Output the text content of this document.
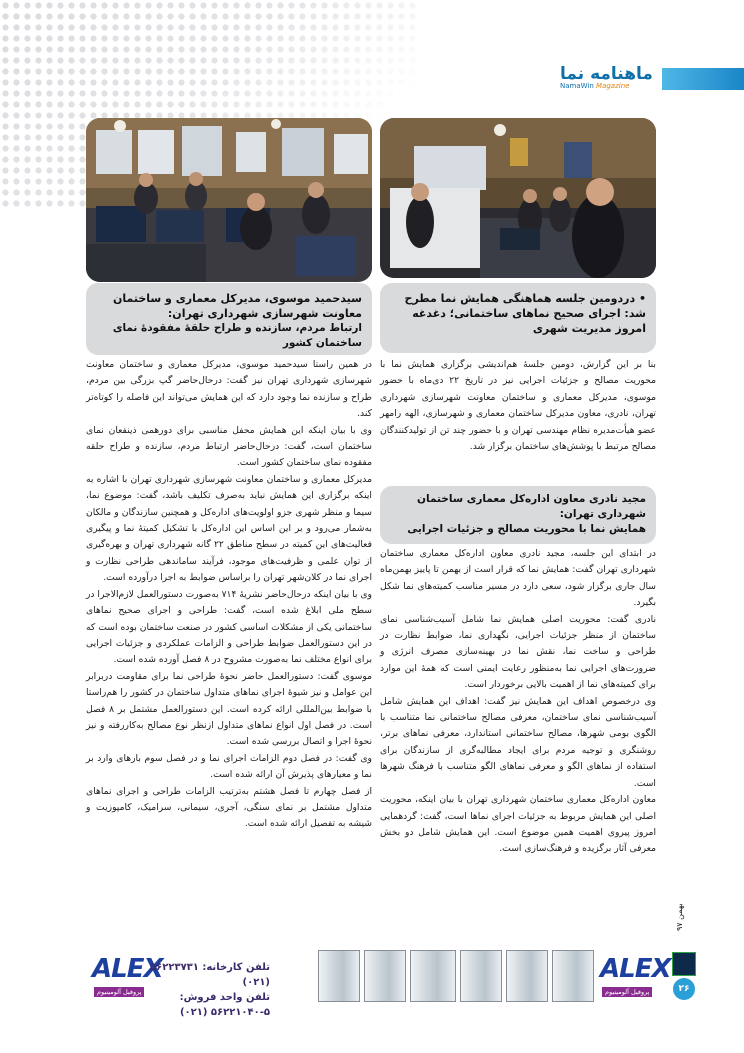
ماهنامه نما
NamaWin Magazine
سید‌حمید موسوی، مدیر‌کل معماری و ساختمان معاونت شهرسازی شهرداری تهران:
ارتباط مردم، سازنده و طراح حلقۀ مفقودۀ نمای ساختمان کشور
• در‌دومین جلسه هماهنگی همایش نما مطرح شد: اجرای صحیح نماهای ساختمانی؛ دغدغه امروز مدیریت شهری

در همین راستا سید‌حمید موسوی، مدیر‌کل معماری و ساختمان معاونت شهرسازی شهرداری تهران نیز گفت: در‌حال‌حاضر گپ بزرگی بین مردم، طراح و سازنده نما وجود دارد که این همایش می‌تواند این فاصله را کوتاه‌تر کند.

وی با بیان اینکه این همایش محفل مناسبی برای دورهمی ذینفعان نمای ساختمان است، گفت: در‌حال‌حاضر ارتباط مردم، سازنده و طراح حلقه مفقوده نمای ساختمان کشور است.

مدیر‌کل معماری و ساختمان معاونت شهرسازی شهرداری تهران با اشاره به اینکه برگزاری این همایش نباید به‌صرف تکلیف باشد، گفت: موضوع نما، سیما و منظر شهری جزو اولویت‌های اداره‌کل و همچنین سازندگان و مالکان به‌شمار می‌رود و بر این اساس این اداره‌کل با تشکیل کمیتۀ نما و پیگیری فعالیت‌های این کمیته در سطح مناطق ۲۲ گانه شهرداری تهران و بهره‌گیری از توان علمی و ظرفیت‌های موجود، فرآیند ساماندهی طراحی نظارت و اجرای نما در کلان‌شهر تهران را بر‌اساس ضوابط به اجرا درآورده است.

وی با بیان اینکه در‌حال‌حاضر نشریۀ ۷۱۴ به‌صورت دستورالعمل لازم‌الاجرا در سطح ملی ابلاغ شده است، گفت: طراحی و اجرای صحیح نماهای ساختمانی یکی از مشکلات اساسی کشور در صنعت ساختمان بوده است که در این دستورالعمل ضوابط طراحی و الزامات عملکردی و جزئیات اجرایی برای انواع مختلف نما به‌صورت مشروح در ۸ فصل آورده شده است.

موسوی گفت: دستورالعمل حاضر نحوۀ طراحی نما برای مقاومت در‌برابر این عوامل و نیز شیوۀ اجرای نماهای متداول ساختمان در کشور را هم‌راستا با ضوابط بین‌المللی ارائه کرده است. این دستورالعمل مشتمل بر ۸ فصل است. در فصل اول انواع نماهای متداول از‌نظر نوع مصالح به‌کاررفته و نیز نحوۀ اجرا و اتصال بررسی شده است.

وی گفت: در فصل دوم الزامات اجرای نما و در فصل سوم بارهای وارد بر نما و معیارهای پذیرش آن ارائه شده است.

از فصل چهارم تا فصل هشتم به‌ترتیب الزامات طراحی و اجرای نماهای متداول مشتمل بر نمای سنگی، آجری، سیمانی، سرامیک، کامپوزیت و شیشه به تفصیل ارائه شده است.

بنا بر این گزارش، دومین جلسۀ هم‌اندیشی برگزاری همایش نما با محوریت مصالح و جزئیات اجرایی نیز در تاریخ ۲۲ دی‌ماه با حضور موسوی، مدیرکل معماری و ساختمان معاونت شهرسازی شهرداری تهران، نادری، معاون مدیر‌کل ساختمان معماری و شهرسازی، الهه رامهر عضو هیأت‌مدیره نظام مهندسی تهران و با حضور چند تن از تولیدکنندگان مصالح مرتبط با پوشش‌های ساختمان برگزار شد.

مجید نادری معاون اداره‌کل معماری ساختمان شهرداری تهران:
همایش نما با محوریت مصالح و جزئیات اجرایی

در ابتدای این جلسه، مجید نادری معاون اداره‌کل معماری ساختمان شهرداری تهران گفت: همایش نما که قرار است از بهمن تا پاییز بهمن‌ماه سال جاری برگزار شود، سعی دارد در مسیر مناسب کمیته‌های نما شکل بگیرد.

نادری گفت: محوریت اصلی همایش نما شامل آسیب‌شناسی نمای ساختمان از منظر جزئیات اجرایی، نگهداری نما، ضوابط نظارت در طراحی و ساخت نما، نقش نما در بهینه‌سازی مصرف انرژی و ضرورت‌های اجرایی نما به‌منظور رعایت ایمنی است که همۀ این موارد برای کمیته‌های نما از اهمیت بالایی برخوردار است.

وی در‌خصوص اهداف این همایش نیز گفت: اهداف این همایش شامل آسیب‌شناسی نمای ساختمان، معرفی مصالح ساختمانی نما متناسب با الگوی بومی شهرها، مصالح ساختمانی استاندارد، معرفی نماهای برتر، روشنگری و توجیه مردم برای ایجاد مطالبه‌گری از سازندگان برای استفاده از نماهای الگو و معرفی نماهای الگو متناسب با فرهنگ شهرها است.

معاون اداره‌کل معماری ساختمان شهرداری تهران با بیان اینکه، محوریت اصلی این همایش مربوط به جزئیات اجرای نماها است، گفت: گردهمایی امروز پیروی اهمیت همین موضوع است. این همایش شامل دو بخش معرفی آثار برگزیده و فرهنگ‌سازی است.

ALEX
پروفیل آلومینیوم
تلفن کارخانه: ۵۶۲۲۳۷۳۱ (۰۲۱)
تلفن واحد فروش: ۵-۵۶۲۲۱۰۴۰ (۰۲۱)
ALEX
پروفیل آلومینیوم
بهمن ۹۷
۲۶
